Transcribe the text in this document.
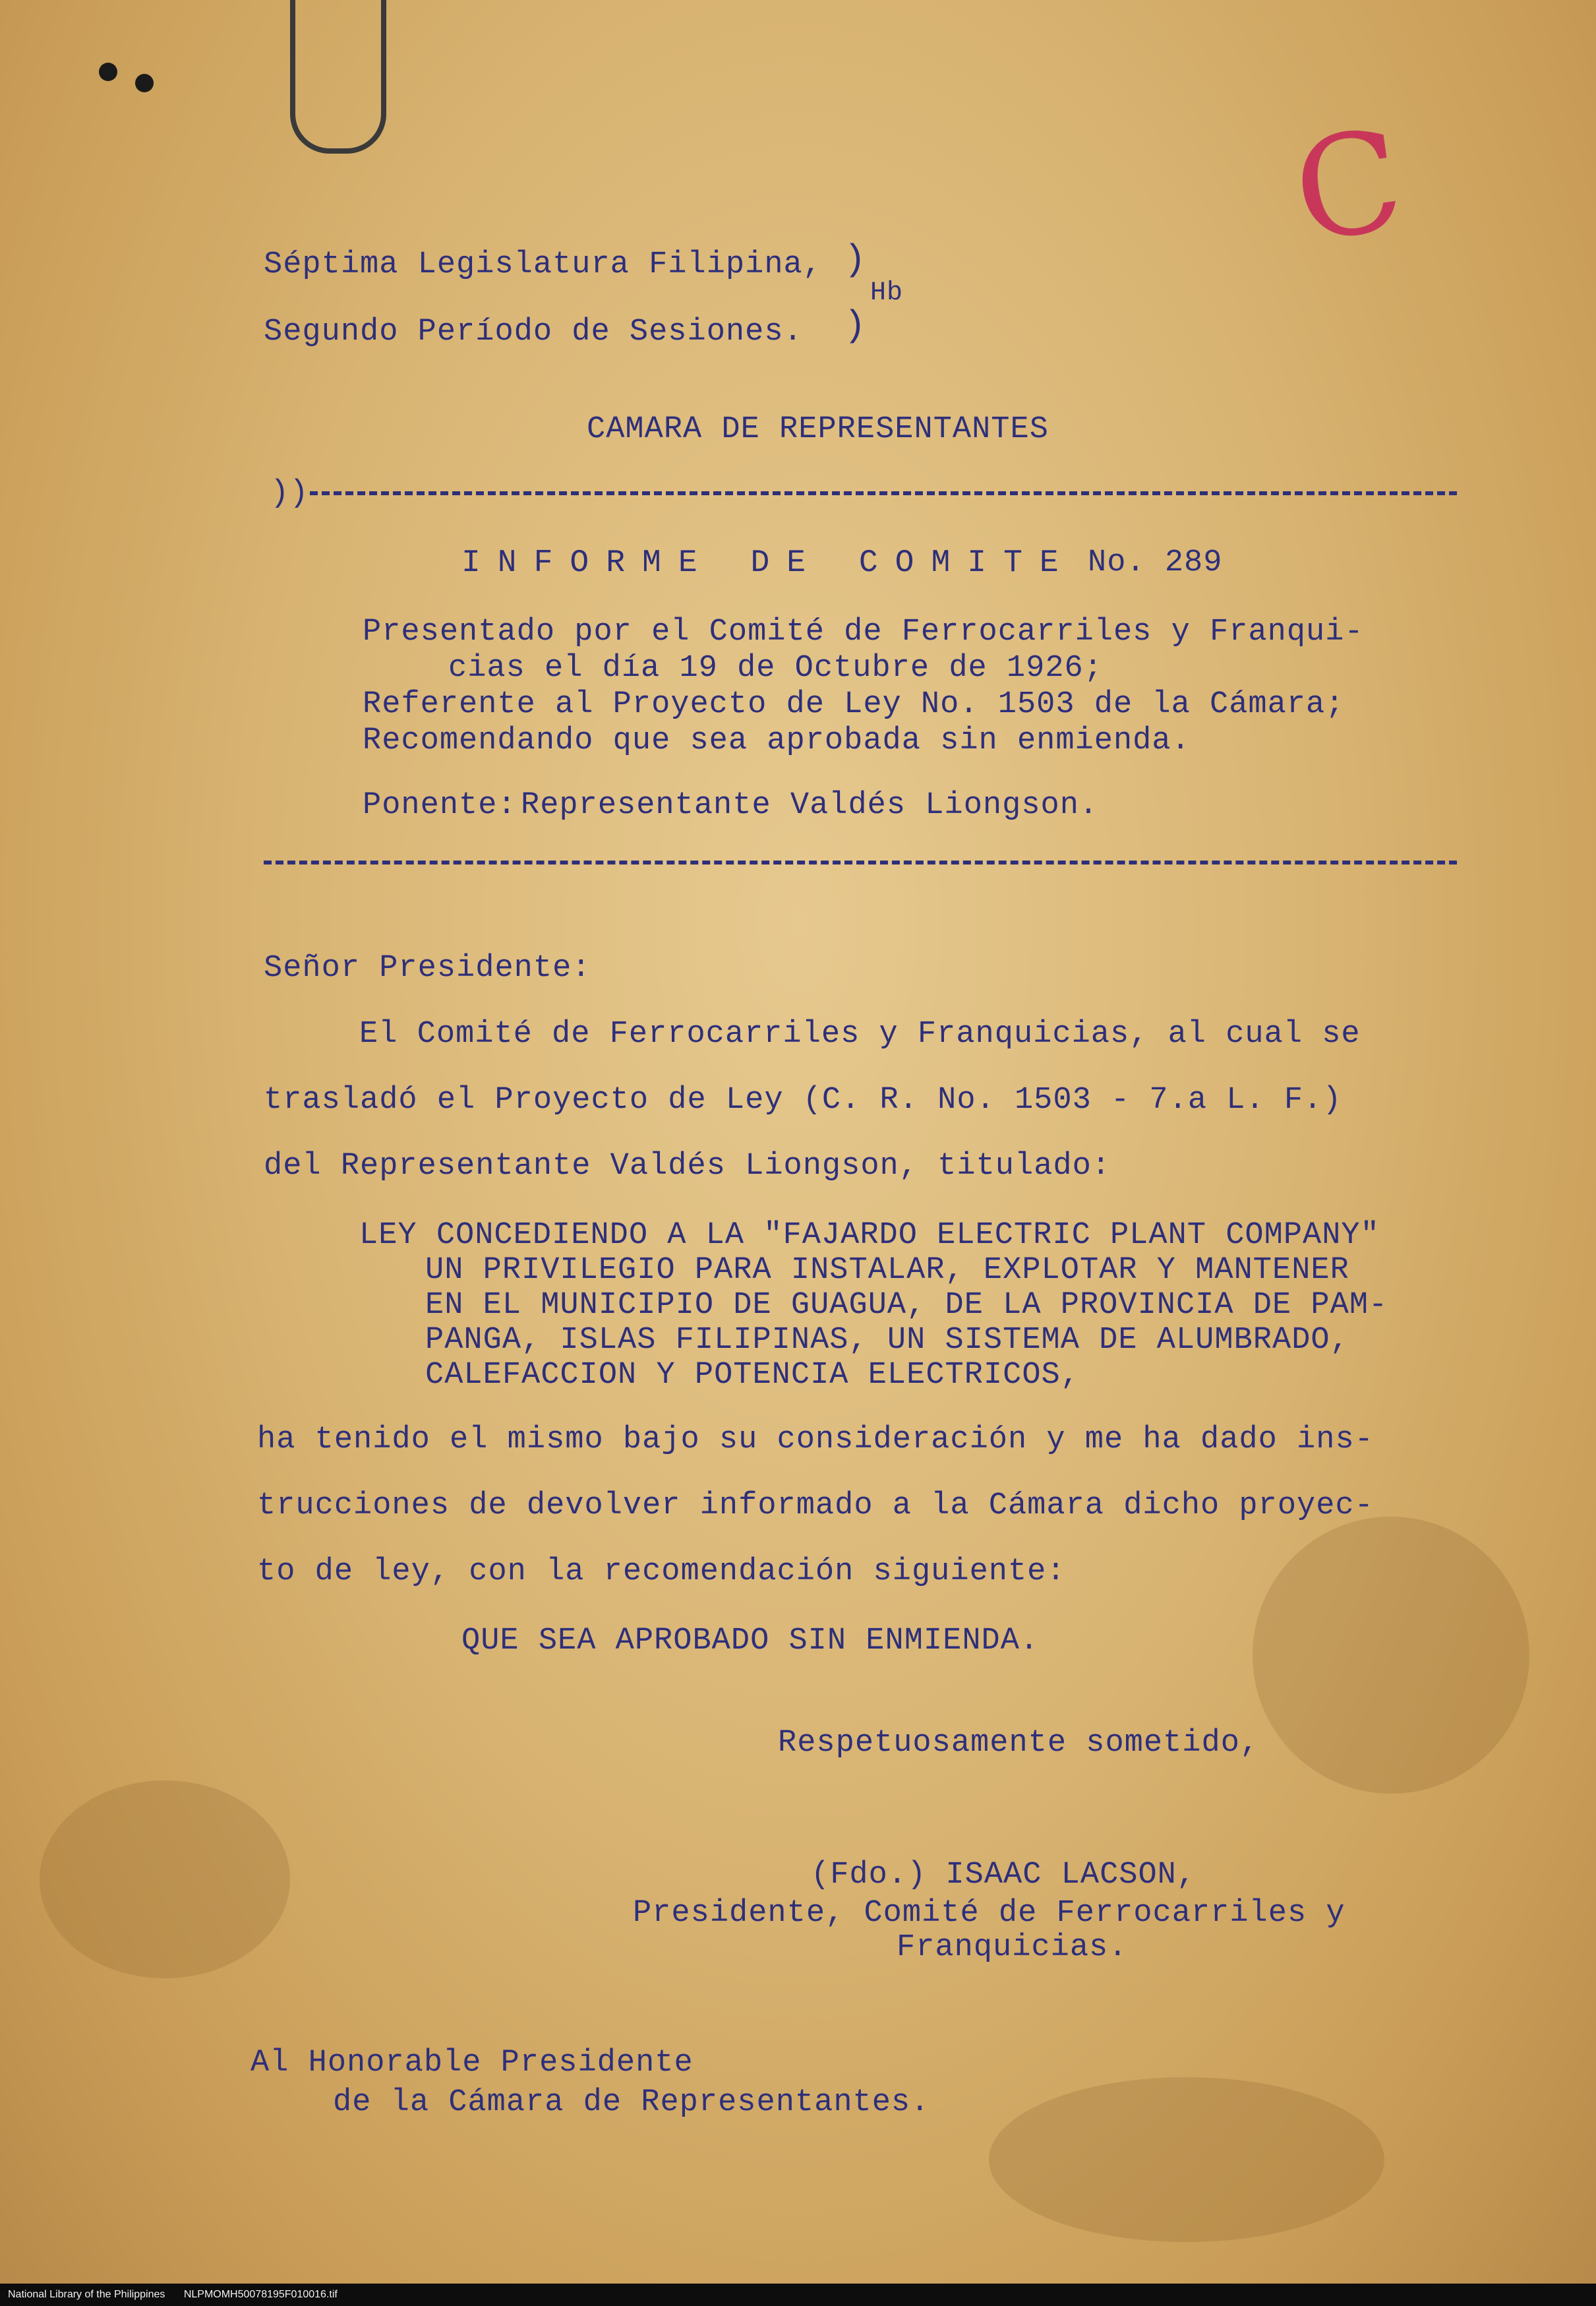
C
Séptima Legislatura Filipina,
Segundo Período de Sesiones.
)
)
Hb
CAMARA DE REPRESENTANTES
))
INFORME DE COMITE No. 289
Presentado por el Comité de Ferrocarriles y Franqui-
cias el día 19 de Octubre de 1926;
Referente al Proyecto de Ley No. 1503 de la Cámara;
Recomendando que sea aprobada sin enmienda.
Ponente: Representante Valdés Liongson.
Señor Presidente:
El Comité de Ferrocarriles y Franquicias, al cual se
trasladó el Proyecto de Ley (C. R. No. 1503 - 7.a L. F.)
del Representante Valdés Liongson, titulado:
LEY CONCEDIENDO A LA "FAJARDO ELECTRIC PLANT COMPANY"
UN PRIVILEGIO PARA INSTALAR, EXPLOTAR Y MANTENER
EN EL MUNICIPIO DE GUAGUA, DE LA PROVINCIA DE PAM-
PANGA, ISLAS FILIPINAS, UN SISTEMA DE ALUMBRADO,
CALEFACCION Y POTENCIA ELECTRICOS,
ha tenido el mismo bajo su consideración y me ha dado ins-
trucciones de devolver informado a la Cámara dicho proyec-
to de ley, con la recomendación siguiente:
QUE SEA APROBADO SIN ENMIENDA.
Respetuosamente sometido,
(Fdo.) ISAAC LACSON,
Presidente, Comité de Ferrocarriles y
Franquicias.
Al Honorable Presidente
de la Cámara de Representantes.
National Library of the Philippines NLPMOMH50078195F010016.tif
